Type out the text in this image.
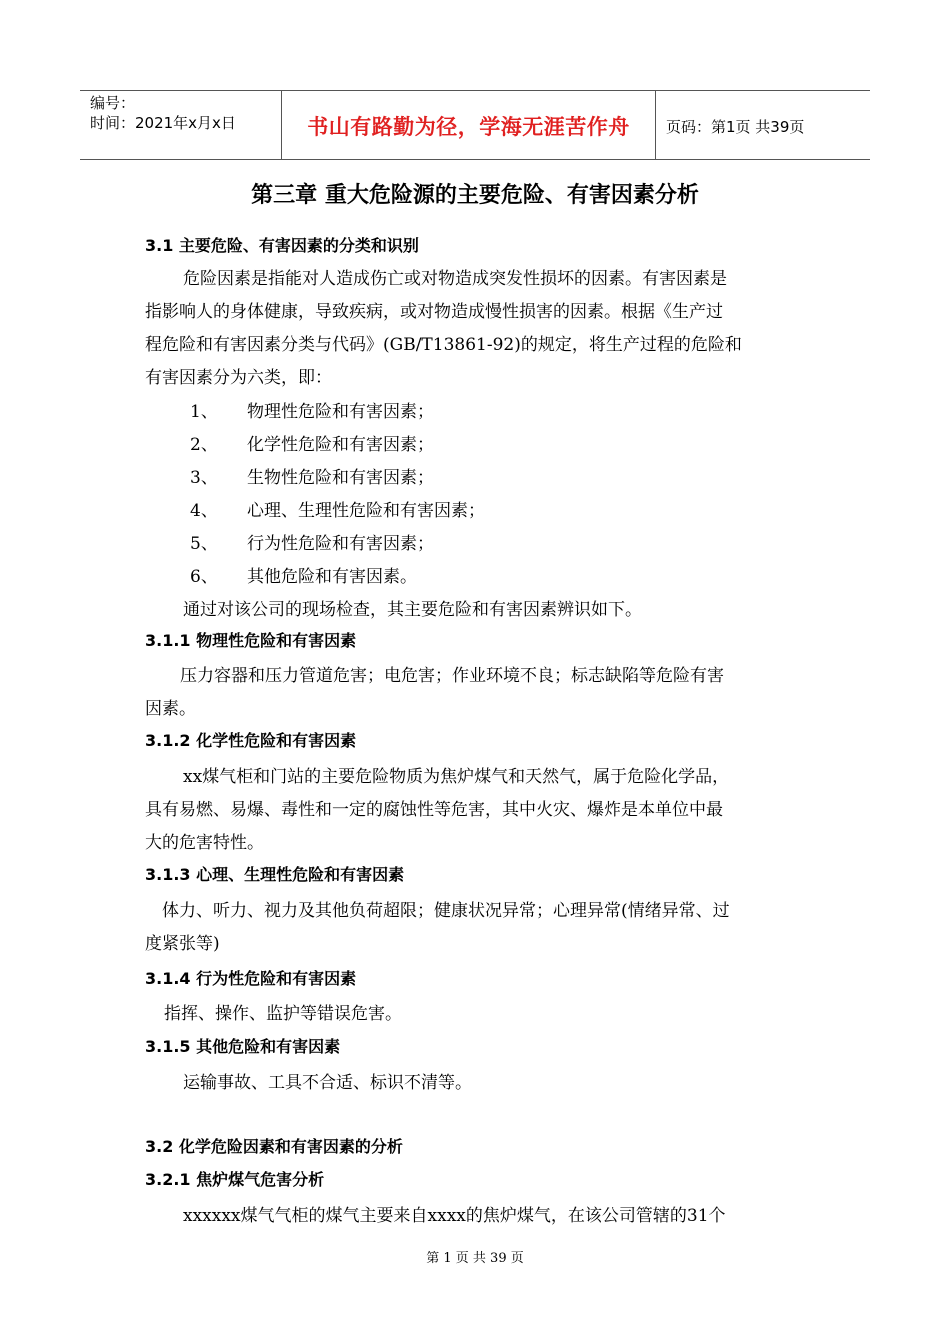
编号：
时间：2021年x月x日	书山有路勤为径，学海无涯苦作舟	页码：第1页 共39页
第三章 重大危险源的主要危险、有害因素分析
3.1 主要危险、有害因素的分类和识别
危险因素是指能对人造成伤亡或对物造成突发性损坏的因素。有害因素是
指影响人的身体健康，导致疾病，或对物造成慢性损害的因素。根据《生产过
程危险和有害因素分类与代码》(GB/T13861-92)的规定，将生产过程的危险和
有害因素分为六类，即：
1、 物理性危险和有害因素；
2、 化学性危险和有害因素；
3、 生物性危险和有害因素；
4、 心理、生理性危险和有害因素；
5、 行为性危险和有害因素；
6、 其他危险和有害因素。
通过对该公司的现场检查，其主要危险和有害因素辨识如下。
3.1.1 物理性危险和有害因素
压力容器和压力管道危害；电危害；作业环境不良；标志缺陷等危险有害
因素。
3.1.2 化学性危险和有害因素
xx煤气柜和门站的主要危险物质为焦炉煤气和天然气，属于危险化学品，
具有易燃、易爆、毒性和一定的腐蚀性等危害，其中火灾、爆炸是本单位中最
大的危害特性。
3.1.3 心理、生理性危险和有害因素
体力、听力、视力及其他负荷超限；健康状况异常；心理异常(情绪异常、过
度紧张等)
3.1.4 行为性危险和有害因素
指挥、操作、监护等错误危害。
3.1.5 其他危险和有害因素
运输事故、工具不合适、标识不清等。
3.2 化学危险因素和有害因素的分析
3.2.1 焦炉煤气危害分析
xxxxxx煤气气柜的煤气主要来自xxxx的焦炉煤气，在该公司管辖的31个
第 1 页 共 39 页
